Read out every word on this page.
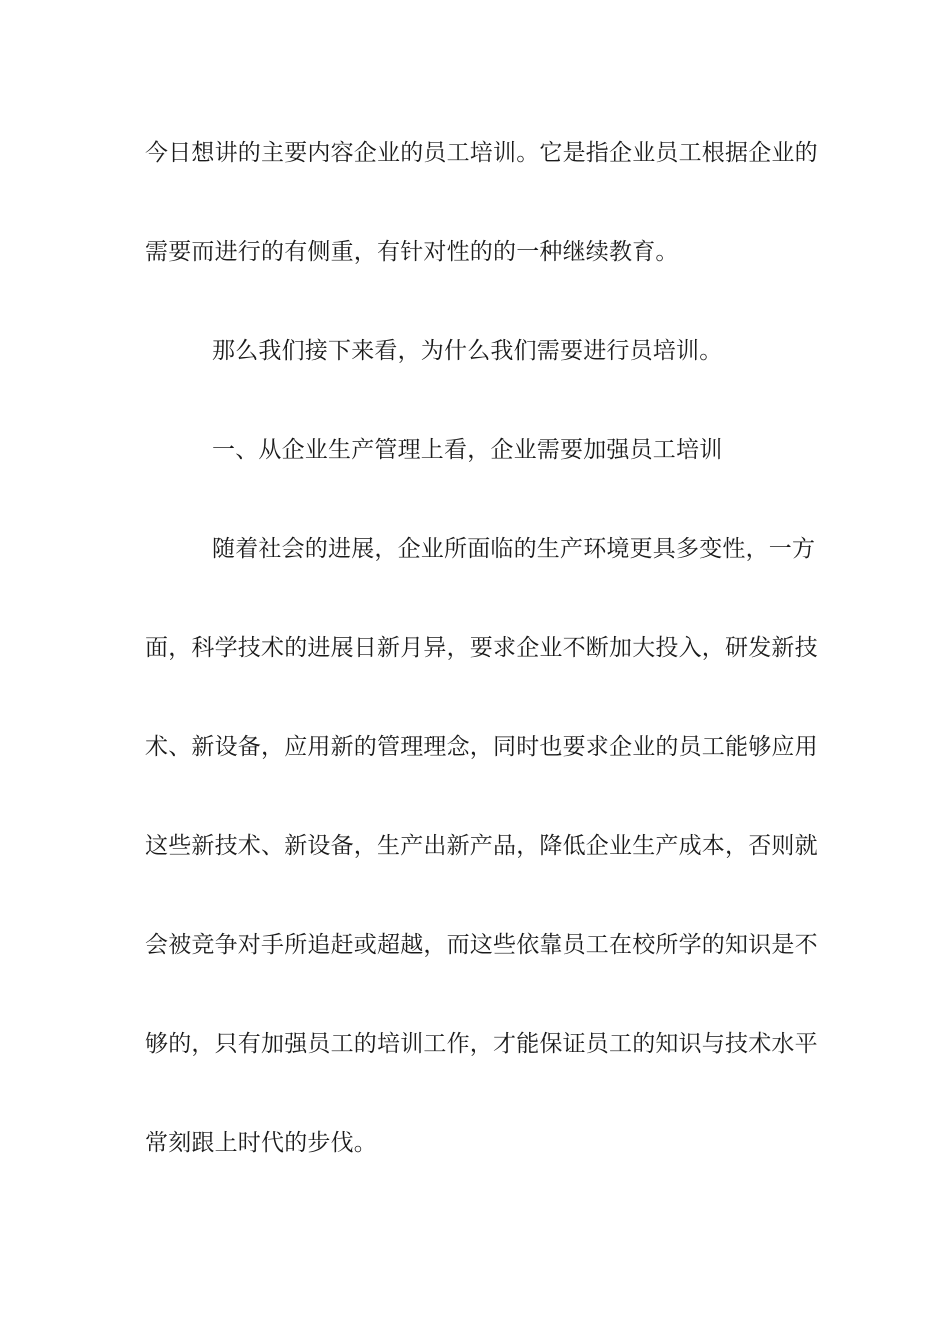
今日想讲的主要内容企业的员工培训。它是指企业员工根据企业的
需要而进行的有侧重，有针对性的的一种继续教育。
那么我们接下来看，为什么我们需要进行员培训。
一、从企业生产管理上看，企业需要加强员工培训
随着社会的进展，企业所面临的生产环境更具多变性，一方
面，科学技术的进展日新月异，要求企业不断加大投入，研发新技
术、新设备，应用新的管理理念，同时也要求企业的员工能够应用
这些新技术、新设备，生产出新产品，降低企业生产成本，否则就
会被竞争对手所追赶或超越，而这些依靠员工在校所学的知识是不
够的，只有加强员工的培训工作，才能保证员工的知识与技术水平
常刻跟上时代的步伐。
